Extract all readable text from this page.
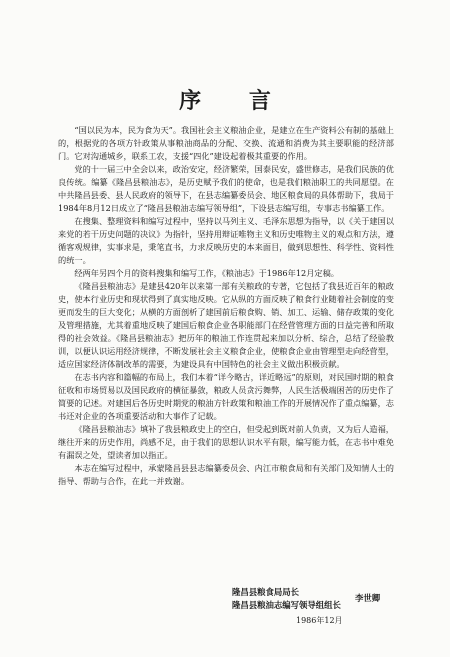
序 言

“国以民为本，民为食为天”。我国社会主义粮油企业，是建立在生产资料公有制的基础上的，根据党的各项方针政策从事粮油商品的分配、交换、流通和消费为其主要职能的经济部门。它对沟通城乡，联系工农，支援“四化”建设起着极其重要的作用。

党的十一届三中全会以来，政治安定，经济繁荣，国泰民安，盛世修志，是我们民族的优良传统。编纂《隆昌县粮油志》，是历史赋予我们的使命，也是我们粮油职工的共同愿望。在中共隆昌县委、县人民政府的领导下，在县志编纂委员会、地区粮食局的具体帮助下，我局于1984年8月12日成立了“隆昌县粮油志编写领导组”，下设县志编写组，专事志书编纂工作。

在搜集、整理资料和编写过程中，坚持以马列主义、毛泽东思想为指导，以《关于建国以来党的若干历史问题的决议》为指针，坚持用辩证唯物主义和历史唯物主义的观点和方法，遵循客观规律，实事求是，秉笔直书，力求反映历史的本来面目，做到思想性、科学性、资料性的统一。

经两年另四个月的资料搜集和编写工作，《粮油志》于1986年12月定稿。

《隆昌县粮油志》是建县420年以来第一部有关粮政的专著，它包括了我县近百年的粮政史，使本行业历史和现状得到了真实地反映。它从纵的方面反映了粮食行业随着社会制度的变更而发生的巨大变化；从横的方面剖析了建国前后粮食购、销、加工、运输、储存政策的变化及管理措施，尤其着重地反映了建国后粮食企业各职能部门在经营管理方面的日益完善和所取得的社会效益。《隆昌县粮油志》把历年的粮油工作连贯起来加以分析、综合，总结了经验教训，以便认识运用经济规律，不断发展社会主义粮食企业，使粮食企业由管理型走向经营型，适应国家经济体制改革的需要，为建设具有中国特色的社会主义做出积极贡献。

在志书内容和篇幅的布局上，我们本着“详今略古，详近略远”的原则，对民国时期的粮食征收和市场贸易以及国民政府的横征暴敛，粮政人员贪污舞弊，人民生活极端困苦的历史作了简要的记述。对建国后各历史时期党的粮油方针政策和粮油工作的开展情况作了重点编纂，志书还对企业的各项重要活动和大事作了记载。

《隆昌县粮油志》填补了我县粮政史上的空白，但受起到既对前人负责，又为后人造福，继往开来的历史作用，尚感不足，由于我们的思想认识水平有限，编写能力低，在志书中难免有漏误之处，望读者加以指正。

本志在编写过程中，承蒙隆昌县县志编纂委员会、内江市粮食局和有关部门及知情人士的指导、帮助与合作，在此一并致谢。

隆昌县粮食局局长
隆昌县粮油志编写领导组组长
李世卿
1986年12月
